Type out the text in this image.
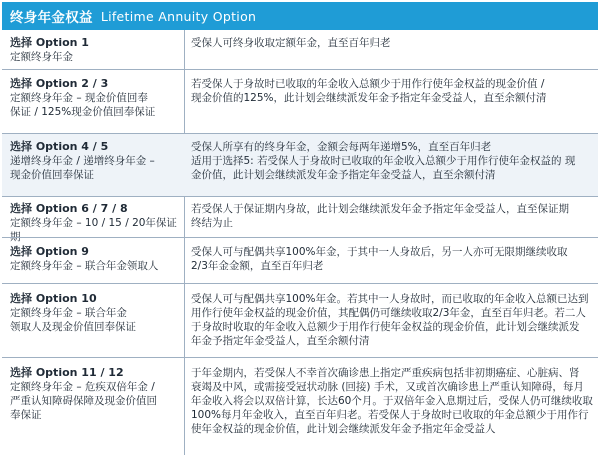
终身年金权益 Lifetime Annuity Option
选择 Option 1
定额终身年金

受保人可终身收取定额年金，直至百年归老

选择 Option 2 / 3
定额终身年金 – 现金价值回奉
保证 / 125%现金价值回奉保证

若受保人于身故时已收取的年金收入总额少于用作行使年金权益的现金价值 /

现金价值的125%，此计划会继续派发年金予指定年金受益人，直至余额付清

选择 Option 4 / 5
递增终身年金 / 递增终身年金 –
现金价值回奉保证

受保人所享有的终身年金，金额会每两年递增5%，直至百年归老

适用于选择5: 若受保人于身故时已收取的年金收入总额少于用作行使年金权益的 现

金价值，此计划会继续派发年金予指定年金受益人，直至余额付清

选择 Option 6 / 7 / 8
定额终身年金 – 10 / 15 / 20年保证期

若受保人于保证期内身故，此计划会继续派发年金予指定年金受益人，直至保证期

终结为止

选择 Option 9
定额终身年金 – 联合年金领取人

受保人可与配偶共享100%年金，于其中一人身故后，另一人亦可无限期继续收取

2/3年金金额，直至百年归老

选择 Option 10
定额终身年金 – 联合年金
领取人及现金价值回奉保证

受保人可与配偶共享100%年金。若其中一人身故时，而已收取的年金收入总额已达到

用作行使年金权益的现金价值，其配偶仍可继续收取2/3年金，直至百年归老。若二人

于身故时收取的年金收入总额少于用作行使年金权益的现金价值，此计划会继续派发

年金予指定年金受益人，直至余额付清

选择 Option 11 / 12
定额终身年金 – 危疾双倍年金 /
严重认知障碍保障及现金价值回
奉保证

于年金期内，若受保人不幸首次确诊患上指定严重疾病包括非初期癌症、心脏病、肾

衰竭及中风，或需接受冠状动脉 (回接) 手术，又或首次确诊患上严重认知障碍，每月

年金收入将会以双倍计算，长达60个月。于双倍年金入息期过后，受保人仍可继续收取

100%每月年金收入，直至百年归老。若受保人于身故时已收取的年金总额少于用作行

使年金权益的现金价值，此计划会继续派发年金予指定年金受益人
